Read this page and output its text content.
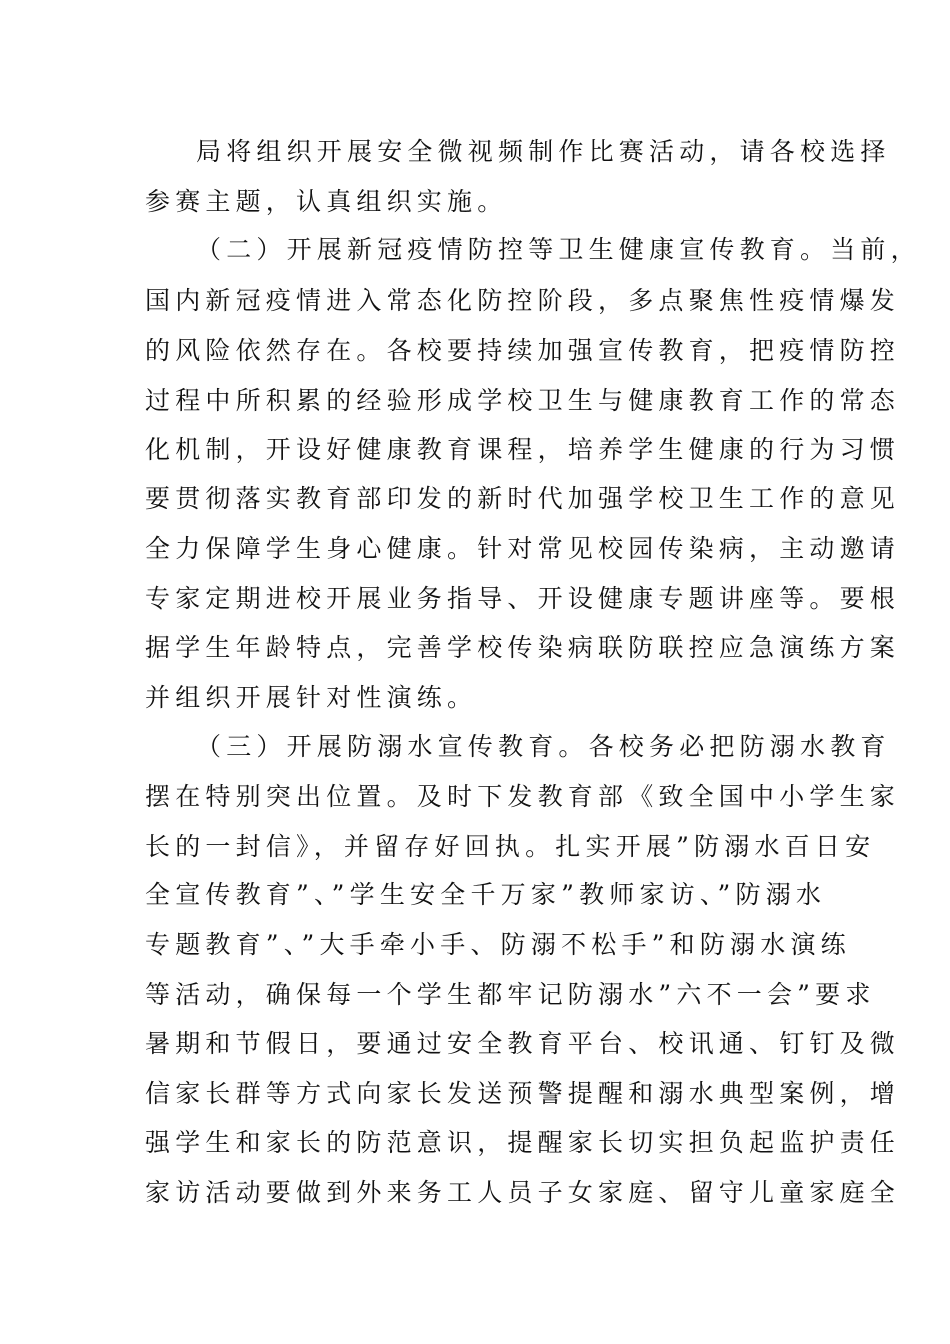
局将组织开展安全微视频制作比赛活动，请各校选择
参赛主题，认真组织实施。
（二）开展新冠疫情防控等卫生健康宣传教育。当前，
国内新冠疫情进入常态化防控阶段，多点聚焦性疫情爆发
的风险依然存在。各校要持续加强宣传教育，把疫情防控
过程中所积累的经验形成学校卫生与健康教育工作的常态
化机制，开设好健康教育课程，培养学生健康的行为习惯
要贯彻落实教育部印发的新时代加强学校卫生工作的意见
全力保障学生身心健康。针对常见校园传染病，主动邀请
专家定期进校开展业务指导、开设健康专题讲座等。要根
据学生年龄特点，完善学校传染病联防联控应急演练方案
并组织开展针对性演练。
（三）开展防溺水宣传教育。各校务必把防溺水教育
摆在特别突出位置。及时下发教育部《致全国中小学生家
长的一封信》，并留存好回执。扎实开展”防溺水百日安
全宣传教育”、”学生安全千万家”教师家访、”防溺水
专题教育”、”大手牵小手、防溺不松手”和防溺水演练
等活动，确保每一个学生都牢记防溺水”六不一会”要求
暑期和节假日，要通过安全教育平台、校讯通、钉钉及微
信家长群等方式向家长发送预警提醒和溺水典型案例，增
强学生和家长的防范意识，提醒家长切实担负起监护责任
家访活动要做到外来务工人员子女家庭、留守儿童家庭全
